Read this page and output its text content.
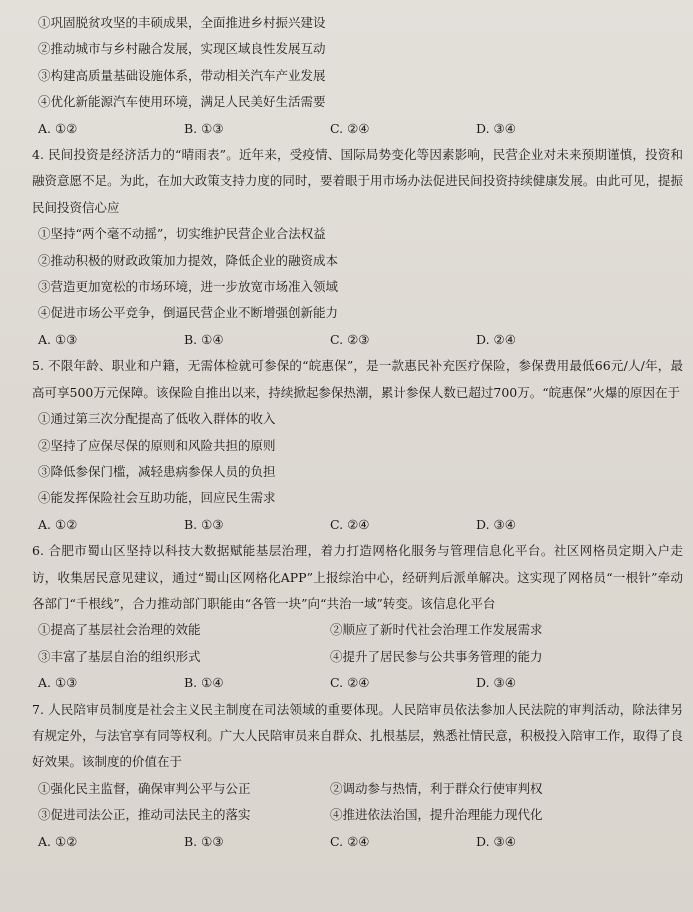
①巩固脱贫攻坚的丰硕成果，全面推进乡村振兴建设
②推动城市与乡村融合发展，实现区域良性发展互动
③构建高质量基础设施体系，带动相关汽车产业发展
④优化新能源汽车使用环境，满足人民美好生活需要
A. ①②	B. ①③	C. ②④	D. ③④
4. 民间投资是经济活力的“晴雨表”。近年来，受疫情、国际局势变化等因素影响，民营企业对未来预期谨慎，投资和融资意愿不足。为此，在加大政策支持力度的同时，要着眼于用市场办法促进民间投资持续健康发展。由此可见，提振民间投资信心应
①坚持“两个毫不动摇”，切实维护民营企业合法权益
②推动积极的财政政策加力提效，降低企业的融资成本
③营造更加宽松的市场环境，进一步放宽市场准入领域
④促进市场公平竞争，倒逼民营企业不断增强创新能力
A. ①③	B. ①④	C. ②③	D. ②④
5. 不限年龄、职业和户籍，无需体检就可参保的“皖惠保”，是一款惠民补充医疗保险，参保费用最低66元/人/年，最高可享500万元保障。该保险自推出以来，持续掀起参保热潮，累计参保人数已超过700万。“皖惠保”火爆的原因在于
①通过第三次分配提高了低收入群体的收入
②坚持了应保尽保的原则和风险共担的原则
③降低参保门槛，减轻患病参保人员的负担
④能发挥保险社会互助功能，回应民生需求
A. ①②	B. ①③	C. ②④	D. ③④
6. 合肥市蜀山区坚持以科技大数据赋能基层治理，着力打造网格化服务与管理信息化平台。社区网格员定期入户走访，收集居民意见建议，通过“蜀山区网格化APP”上报综治中心，经研判后派单解决。这实现了网格员“一根针”牵动各部门“千根线”，合力推动部门职能由“各管一块”向“共治一域”转变。该信息化平台
①提高了基层社会治理的效能	②顺应了新时代社会治理工作发展需求
③丰富了基层自治的组织形式	④提升了居民参与公共事务管理的能力
A. ①③	B. ①④	C. ②④	D. ③④
7. 人民陪审员制度是社会主义民主制度在司法领域的重要体现。人民陪审员依法参加人民法院的审判活动，除法律另有规定外，与法官享有同等权利。广大人民陪审员来自群众、扎根基层，熟悉社情民意，积极投入陪审工作，取得了良好效果。该制度的价值在于
①强化民主监督，确保审判公平与公正	②调动参与热情，利于群众行使审判权
③促进司法公正，推动司法民主的落实	④推进依法治国，提升治理能力现代化
A. ①②	B. ①③	C. ②④	D. ③④
